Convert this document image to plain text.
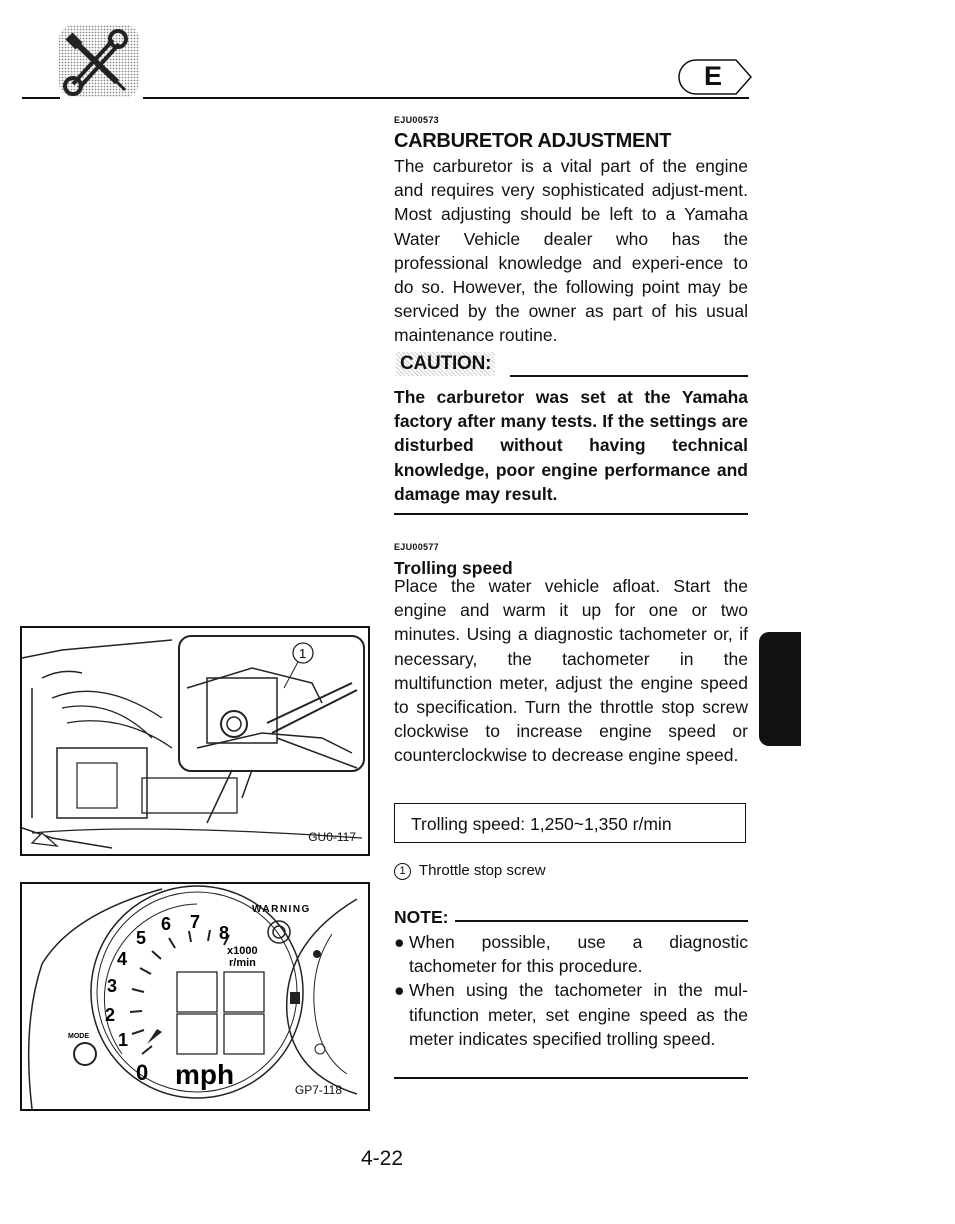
E
EJU00573
CARBURETOR ADJUSTMENT
The carburetor is a vital part of the engine and requires very sophisticated adjust-ment. Most adjusting should be left to a Yamaha Water Vehicle dealer who has the professional knowledge and experi-ence to do so. However, the following point may be serviced by the owner as part of his usual maintenance routine.
CAUTION:
The carburetor was set at the Yamaha factory after many tests. If the settings are disturbed without having technical knowledge, poor engine performance and damage may result.
EJU00577
Trolling speed
Place the water vehicle afloat. Start the engine and warm it up for one or two minutes. Using a diagnostic tachometer or, if necessary, the tachometer in the multifunction meter, adjust the engine speed to specification. Turn the throttle stop screw clockwise to increase engine speed or counterclockwise to decrease engine speed.
Trolling speed: 1,250~1,350 r/min
1 Throttle stop screw
NOTE:
● When possible, use a diagnostic tachometer for this procedure.
● When using the tachometer in the mul-tifunction meter, set engine speed as the meter indicates specified trolling speed.
1
GU0-117
0
1
2
3
4
5
6 7
8
x1000
r/min
mph
WARNING
MODE
GP7-118
4-22
